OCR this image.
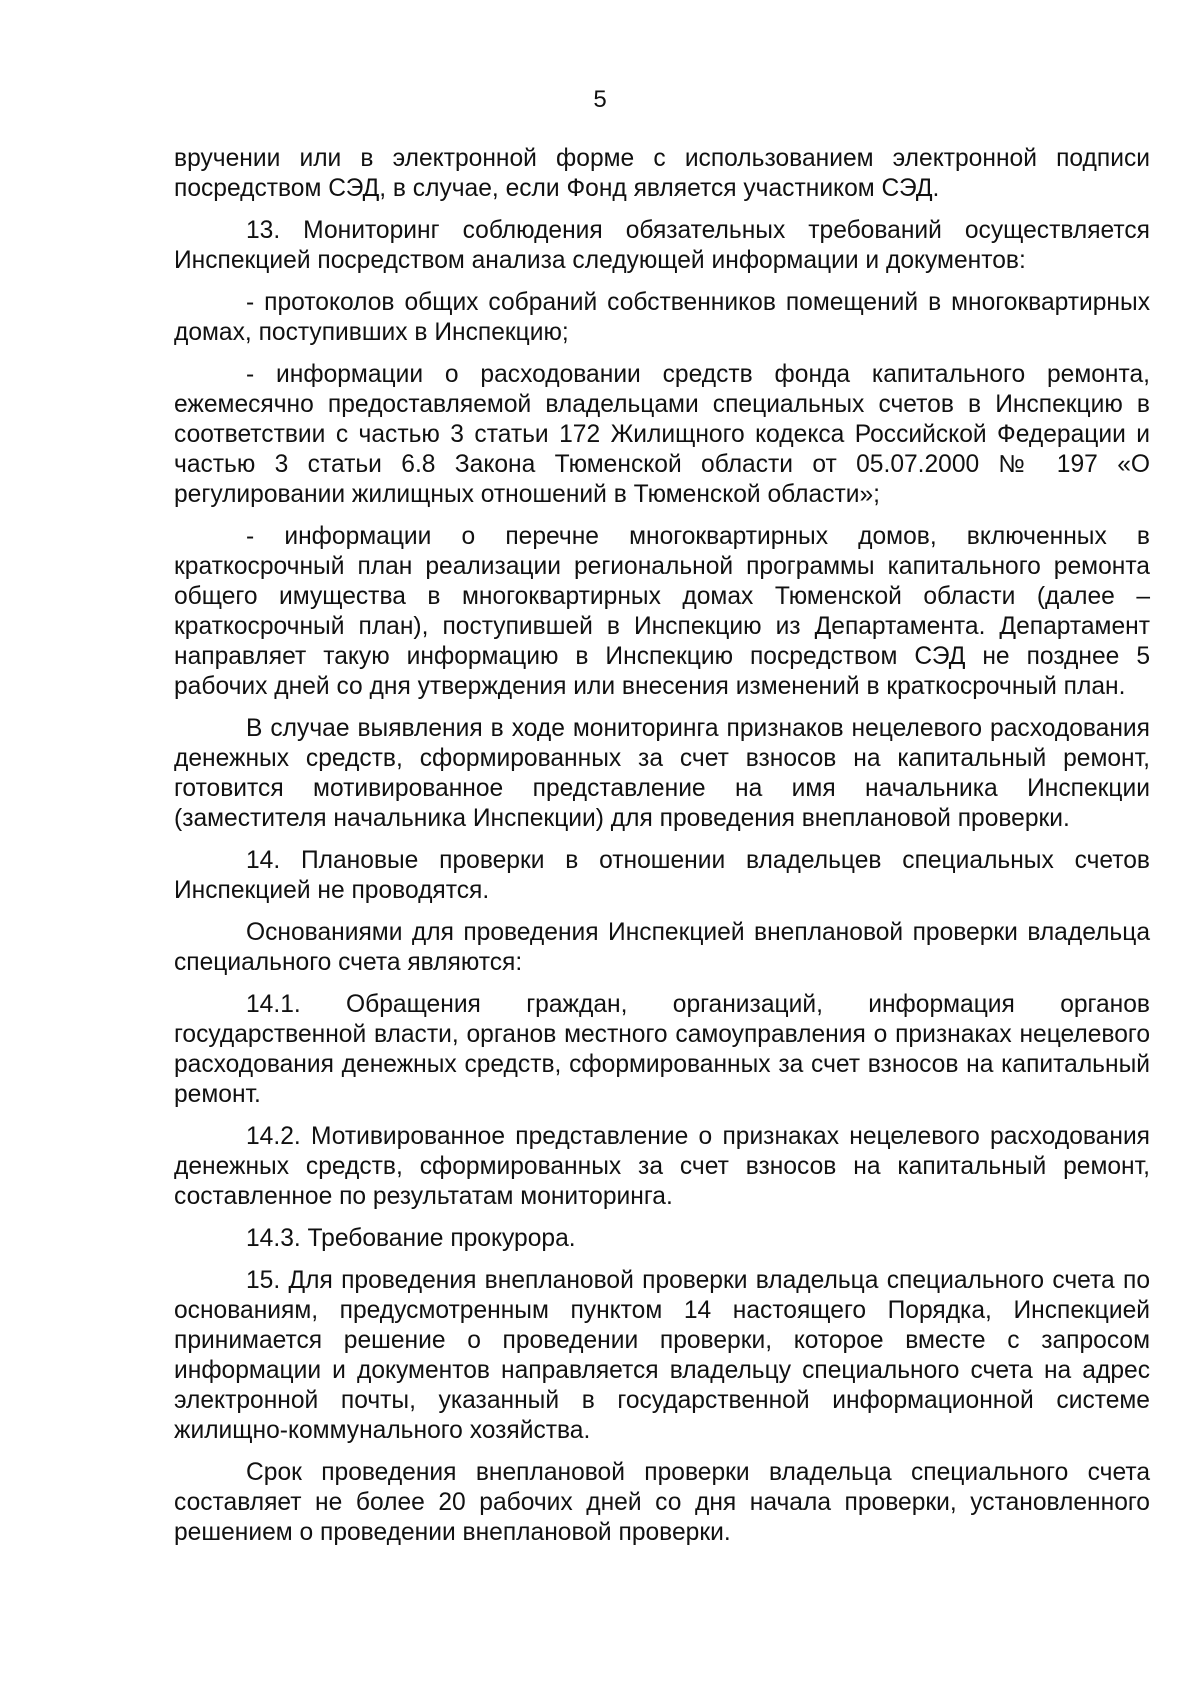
5

вручении или в электронной форме с использованием электронной подписи посредством СЭД, в случае, если Фонд является участником СЭД.

13. Мониторинг соблюдения обязательных требований осуществляется Инспекцией посредством анализа следующей информации и документов:

- протоколов общих собраний собственников помещений в многоквартирных домах, поступивших в Инспекцию;

- информации о расходовании средств фонда капитального ремонта, ежемесячно предоставляемой владельцами специальных счетов в Инспекцию в соответствии с частью 3 статьи 172 Жилищного кодекса Российской Федерации и частью 3 статьи 6.8 Закона Тюменской области от 05.07.2000 № 197 «О регулировании жилищных отношений в Тюменской области»;

- информации о перечне многоквартирных домов, включенных в краткосрочный план реализации региональной программы капитального ремонта общего имущества в многоквартирных домах Тюменской области (далее – краткосрочный план), поступившей в Инспекцию из Департамента. Департамент направляет такую информацию в Инспекцию посредством СЭД не позднее 5 рабочих дней со дня утверждения или внесения изменений в краткосрочный план.

В случае выявления в ходе мониторинга признаков нецелевого расходования денежных средств, сформированных за счет взносов на капитальный ремонт, готовится мотивированное представление на имя начальника Инспекции (заместителя начальника Инспекции) для проведения внеплановой проверки.

14. Плановые проверки в отношении владельцев специальных счетов Инспекцией не проводятся.

Основаниями для проведения Инспекцией внеплановой проверки владельца специального счета являются:

14.1. Обращения граждан, организаций, информация органов государственной власти, органов местного самоуправления о признаках нецелевого расходования денежных средств, сформированных за счет взносов на капитальный ремонт.

14.2. Мотивированное представление о признаках нецелевого расходования денежных средств, сформированных за счет взносов на капитальный ремонт, составленное по результатам мониторинга.

14.3. Требование прокурора.

15. Для проведения внеплановой проверки владельца специального счета по основаниям, предусмотренным пунктом 14 настоящего Порядка, Инспекцией принимается решение о проведении проверки, которое вместе с запросом информации и документов направляется владельцу специального счета на адрес электронной почты, указанный в государственной информационной системе жилищно-коммунального хозяйства.

Срок проведения внеплановой проверки владельца специального счета составляет не более 20 рабочих дней со дня начала проверки, установленного решением о проведении внеплановой проверки.
